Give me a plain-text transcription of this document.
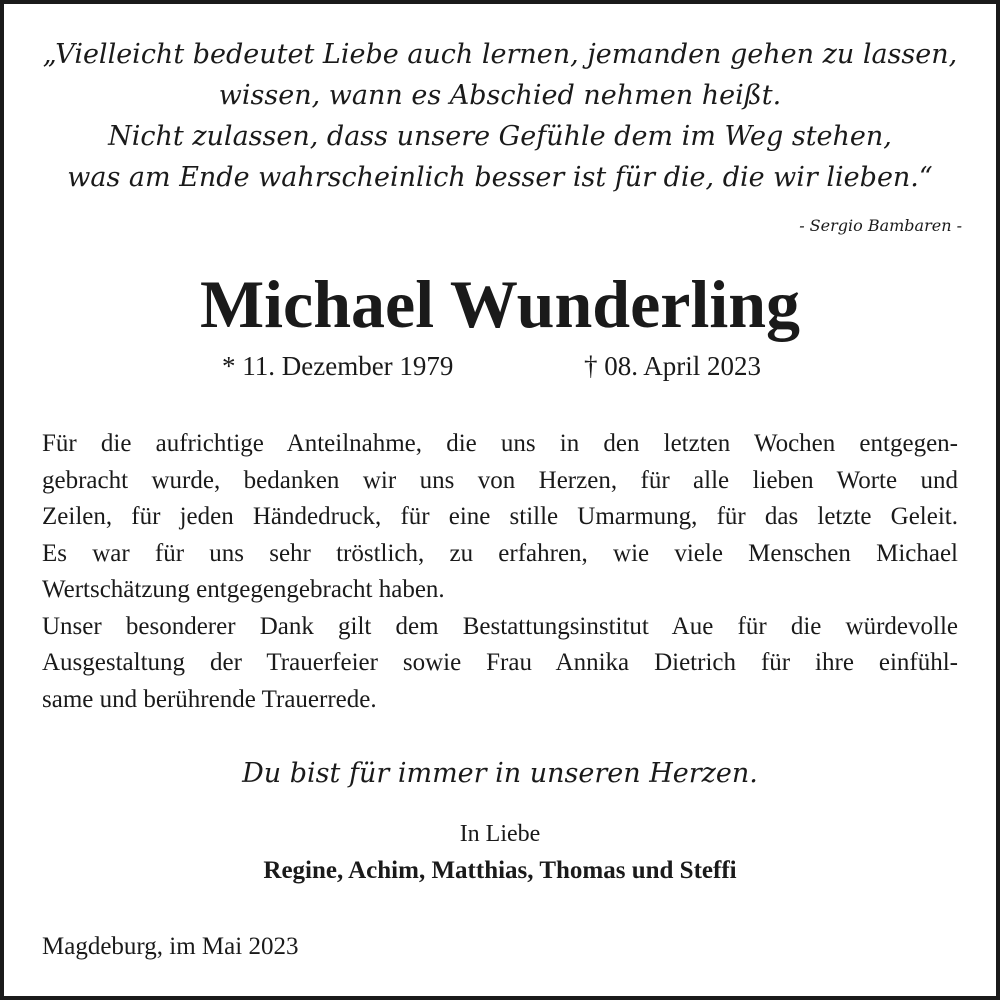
„Vielleicht bedeutet Liebe auch lernen, jemanden gehen zu lassen,
wissen, wann es Abschied nehmen heißt.
Nicht zulassen, dass unsere Gefühle dem im Weg stehen,
was am Ende wahrscheinlich besser ist für die, die wir lieben.“

- Sergio Bambaren -

Michael Wunderling
* 11. Dezember 1979	† 08. April 2023

Für die aufrichtige Anteilnahme, die uns in den letzten Wochen entgegen-
gebracht wurde, bedanken wir uns von Herzen, für alle lieben Worte und
Zeilen, für jeden Händedruck, für eine stille Umarmung, für das letzte Geleit.
Es war für uns sehr tröstlich, zu erfahren, wie viele Menschen Michael
Wertschätzung entgegengebracht haben.
Unser besonderer Dank gilt dem Bestattungsinstitut Aue für die würdevolle
Ausgestaltung der Trauerfeier sowie Frau Annika Dietrich für ihre einfühl-
same und berührende Trauerrede.

Du bist für immer in unseren Herzen.

In Liebe

Regine, Achim, Matthias, Thomas und Steffi

Magdeburg, im Mai 2023
